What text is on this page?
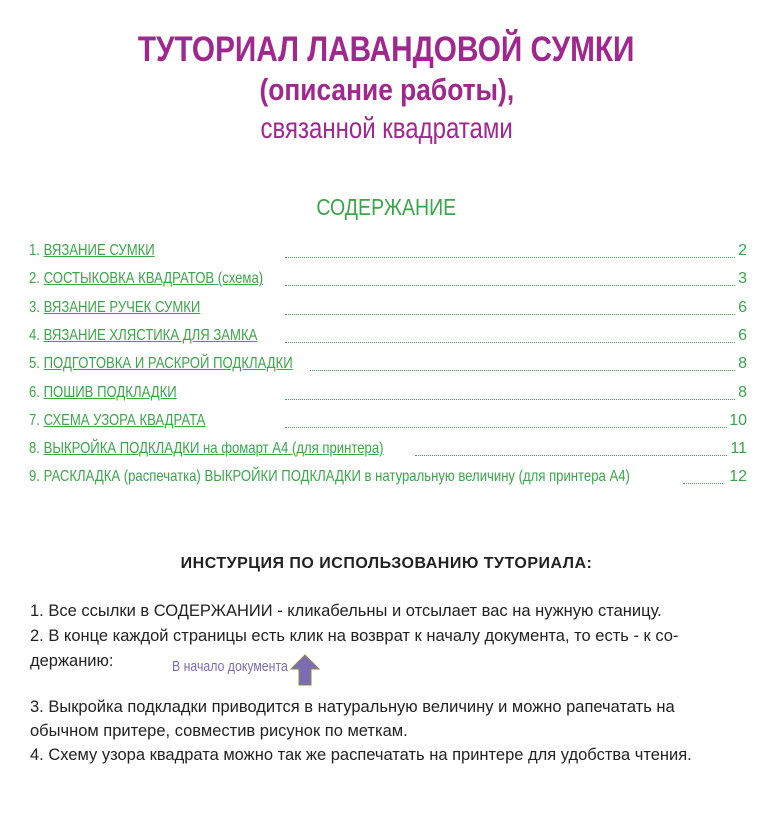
ТУТОРИАЛ ЛАВАНДОВОЙ СУМКИ
(описание работы),
связанной квадратами
СОДЕРЖАНИЕ
1. ВЯЗАНИЕ СУМКИ	2
2. СОСТЫКОВКА КВАДРАТОВ (схема)	3
3. ВЯЗАНИЕ РУЧЕК СУМКИ	6
4. ВЯЗАНИЕ ХЛЯСТИКА ДЛЯ ЗАМКА	6
5. ПОДГОТОВКА И РАСКРОЙ ПОДКЛАДКИ	8
6. ПОШИВ ПОДКЛАДКИ	8
7. СХЕМА УЗОРА КВАДРАТА	10
8. ВЫКРОЙКА ПОДКЛАДКИ на фомарт А4 (для принтера)	11
9. РАСКЛАДКА (распечатка) ВЫКРОЙКИ ПОДКЛАДКИ в натуральную величину (для принтера А4)	12
ИНСТУРЦИЯ ПО ИСПОЛЬЗОВАНИЮ ТУТОРИАЛА:
1. Все ссылки в СОДЕРЖАНИИ - кликабельны и отсылает вас на нужную станицу.
2. В конце каждой страницы есть клик на возврат к началу документа, то есть - к со-
держанию:	В начало документа
3. Выкройка подкладки приводится в натуральную величину и можно рапечатать на
обычном притере, совместив рисунок по меткам.
4. Схему узора квадрата можно так же распечатать на принтере для удобства чтения.
